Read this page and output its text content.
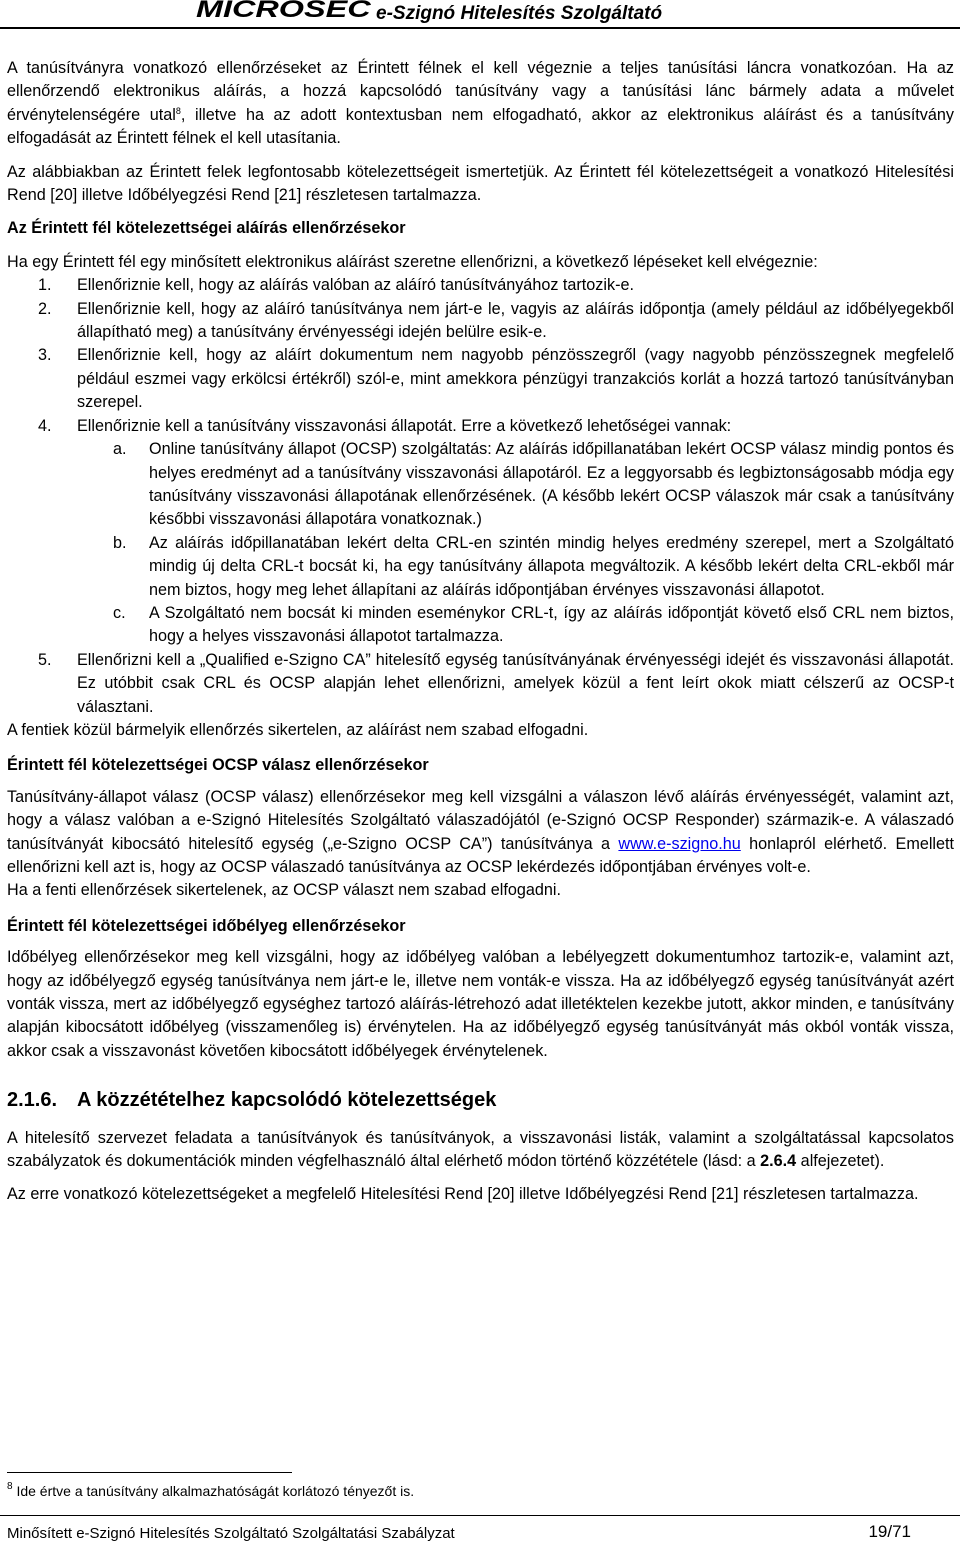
MICROSEC e-Szignó Hitelesítés Szolgáltató

A tanúsítványra vonatkozó ellenőrzéseket az Érintett félnek el kell végeznie a teljes tanúsítási láncra vonatkozóan. Ha az ellenőrzendő elektronikus aláírás, a hozzá kapcsolódó tanúsítvány vagy a tanúsítási lánc bármely adata a művelet érvénytelenségére utal$^8$, illetve ha az adott kontextusban nem elfogadható, akkor az elektronikus aláírást és a tanúsítvány elfogadását az Érintett félnek el kell utasítania.

Az alábbiakban az Érintett felek legfontosabb kötelezettségeit ismertetjük. Az Érintett fél kötelezettségeit a vonatkozó Hitelesítési Rend [20] illetve Időbélyegzési Rend [21] részletesen tartalmazza.

Az Érintett fél kötelezettségei aláírás ellenőrzésekor

Ha egy Érintett fél egy minősített elektronikus aláírást szeretne ellenőrizni, a következő lépéseket kell elvégeznie:

1. Ellenőriznie kell, hogy az aláírás valóban az aláíró tanúsítványához tartozik-e.
2. Ellenőriznie kell, hogy az aláíró tanúsítványa nem járt-e le, vagyis az aláírás időpontja (amely például az időbélyegekből állapítható meg) a tanúsítvány érvényességi idején belülre esik-e.
3. Ellenőriznie kell, hogy az aláírt dokumentum nem nagyobb pénzösszegről (vagy nagyobb pénzösszegnek megfelelő például eszmei vagy erkölcsi értékről) szól-e, mint amekkora pénzügyi tranzakciós korlát a hozzá tartozó tanúsítványban szerepel.
4. Ellenőriznie kell a tanúsítvány visszavonási állapotát. Erre a következő lehetőségei vannak:
a. Online tanúsítvány állapot (OCSP) szolgáltatás: Az aláírás időpillanatában lekért OCSP válasz mindig pontos és helyes eredményt ad a tanúsítvány visszavonási állapotáról. Ez a leggyorsabb és legbiztonságosabb módja egy tanúsítvány visszavonási állapotának ellenőrzésének. (A később lekért OCSP válaszok már csak a tanúsítvány későbbi visszavonási állapotára vonatkoznak.)
b. Az aláírás időpillanatában lekért delta CRL-en szintén mindig helyes eredmény szerepel, mert a Szolgáltató mindig új delta CRL-t bocsát ki, ha egy tanúsítvány állapota megváltozik. A később lekért delta CRL-ekből már nem biztos, hogy meg lehet állapítani az aláírás időpontjában érvényes visszavonási állapotot.
c. A Szolgáltató nem bocsát ki minden eseménykor CRL-t, így az aláírás időpontját követő első CRL nem biztos, hogy a helyes visszavonási állapotot tartalmazza.
5. Ellenőrizni kell a „Qualified e-Szigno CA” hitelesítő egység tanúsítványának érvényességi idejét és visszavonási állapotát. Ez utóbbit csak CRL és OCSP alapján lehet ellenőrizni, amelyek közül a fent leírt okok miatt célszerű az OCSP-t választani.

A fentiek közül bármelyik ellenőrzés sikertelen, az aláírást nem szabad elfogadni.

Érintett fél kötelezettségei OCSP válasz ellenőrzésekor

Tanúsítvány-állapot válasz (OCSP válasz) ellenőrzésekor meg kell vizsgálni a válaszon lévő aláírás érvényességét, valamint azt, hogy a válasz valóban a e-Szignó Hitelesítés Szolgáltató válaszadójától (e-Szignó OCSP Responder) származik-e. A válaszadó tanúsítványát kibocsátó hitelesítő egység („e-Szigno OCSP CA”) tanúsítványa a www.e-szigno.hu honlapról elérhető. Emellett ellenőrizni kell azt is, hogy az OCSP válaszadó tanúsítványa az OCSP lekérdezés időpontjában érvényes volt-e.

Ha a fenti ellenőrzések sikertelenek, az OCSP választ nem szabad elfogadni.

Érintett fél kötelezettségei időbélyeg ellenőrzésekor

Időbélyeg ellenőrzésekor meg kell vizsgálni, hogy az időbélyeg valóban a lebélyegzett dokumentumhoz tartozik-e, valamint azt, hogy az időbélyegző egység tanúsítványa nem járt-e le, illetve nem vonták-e vissza. Ha az időbélyegző egység tanúsítványát azért vonták vissza, mert az időbélyegző egységhez tartozó aláírás-létrehozó adat illetéktelen kezekbe jutott, akkor minden, e tanúsítvány alapján kibocsátott időbélyeg (visszamenőleg is) érvénytelen. Ha az időbélyegző egység tanúsítványát más okból vonták vissza, akkor csak a visszavonást követően kibocsátott időbélyegek érvénytelenek.

2.1.6. A közzétételhez kapcsolódó kötelezettségek

A hitelesítő szervezet feladata a tanúsítványok és tanúsítványok, a visszavonási listák, valamint a szolgáltatással kapcsolatos szabályzatok és dokumentációk minden végfelhasználó által elérhető módon történő közzététele (lásd: a 2.6.4 alfejezetet).

Az erre vonatkozó kötelezettségeket a megfelelő Hitelesítési Rend [20] illetve Időbélyegzési Rend [21] részletesen tartalmazza.

$^8$ Ide értve a tanúsítvány alkalmazhatóságát korlátozó tényezőt is.
Minősített e-Szignó Hitelesítés Szolgáltató Szolgáltatási Szabályzat	19/71
